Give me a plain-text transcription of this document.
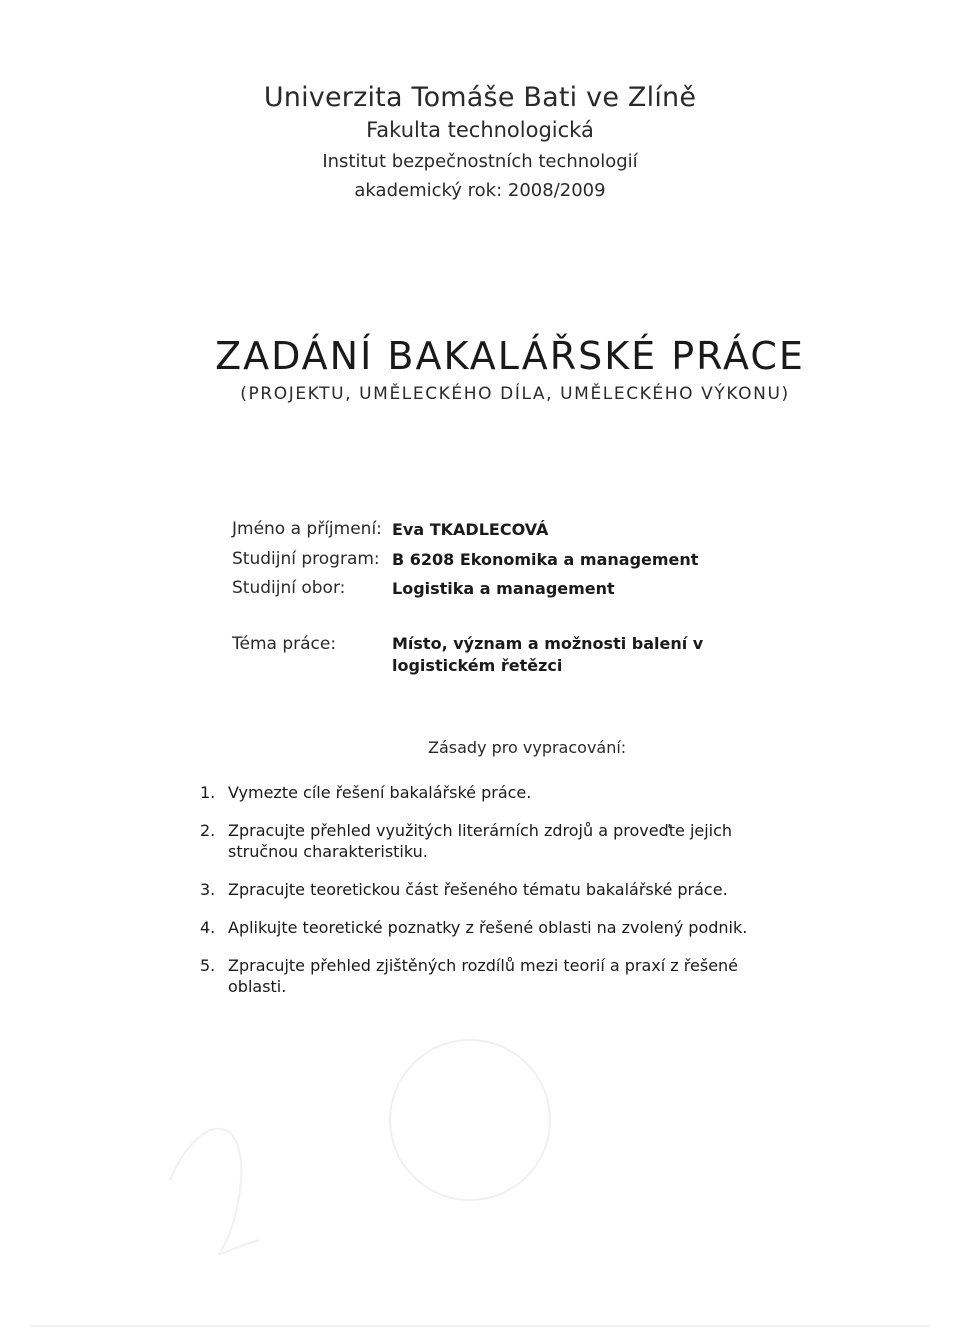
Univerzita Tomáše Bati ve Zlíně
Fakulta technologická
Institut bezpečnostních technologií
akademický rok: 2008/2009
ZADÁNÍ BAKALÁŘSKÉ PRÁCE
(PROJEKTU, UMĚLECKÉHO DÍLA, UMĚLECKÉHO VÝKONU)
Jméno a příjmení: Eva TKADLECOVÁ
Studijní program: B 6208 Ekonomika a management
Studijní obor:	Logistika a management
Téma práce:	Místo, význam a možnosti balení v logistickém řetězci
Zásady pro vypracování:
1. Vymezte cíle řešení bakalářské práce.
2. Zpracujte přehled využitých literárních zdrojů a proveďte jejich stručnou charakteristiku.
3. Zpracujte teoretickou část řešeného tématu bakalářské práce.
4. Aplikujte teoretické poznatky z řešené oblasti na zvolený podnik.
5. Zpracujte přehled zjištěných rozdílů mezi teorií a praxí z řešené oblasti.
